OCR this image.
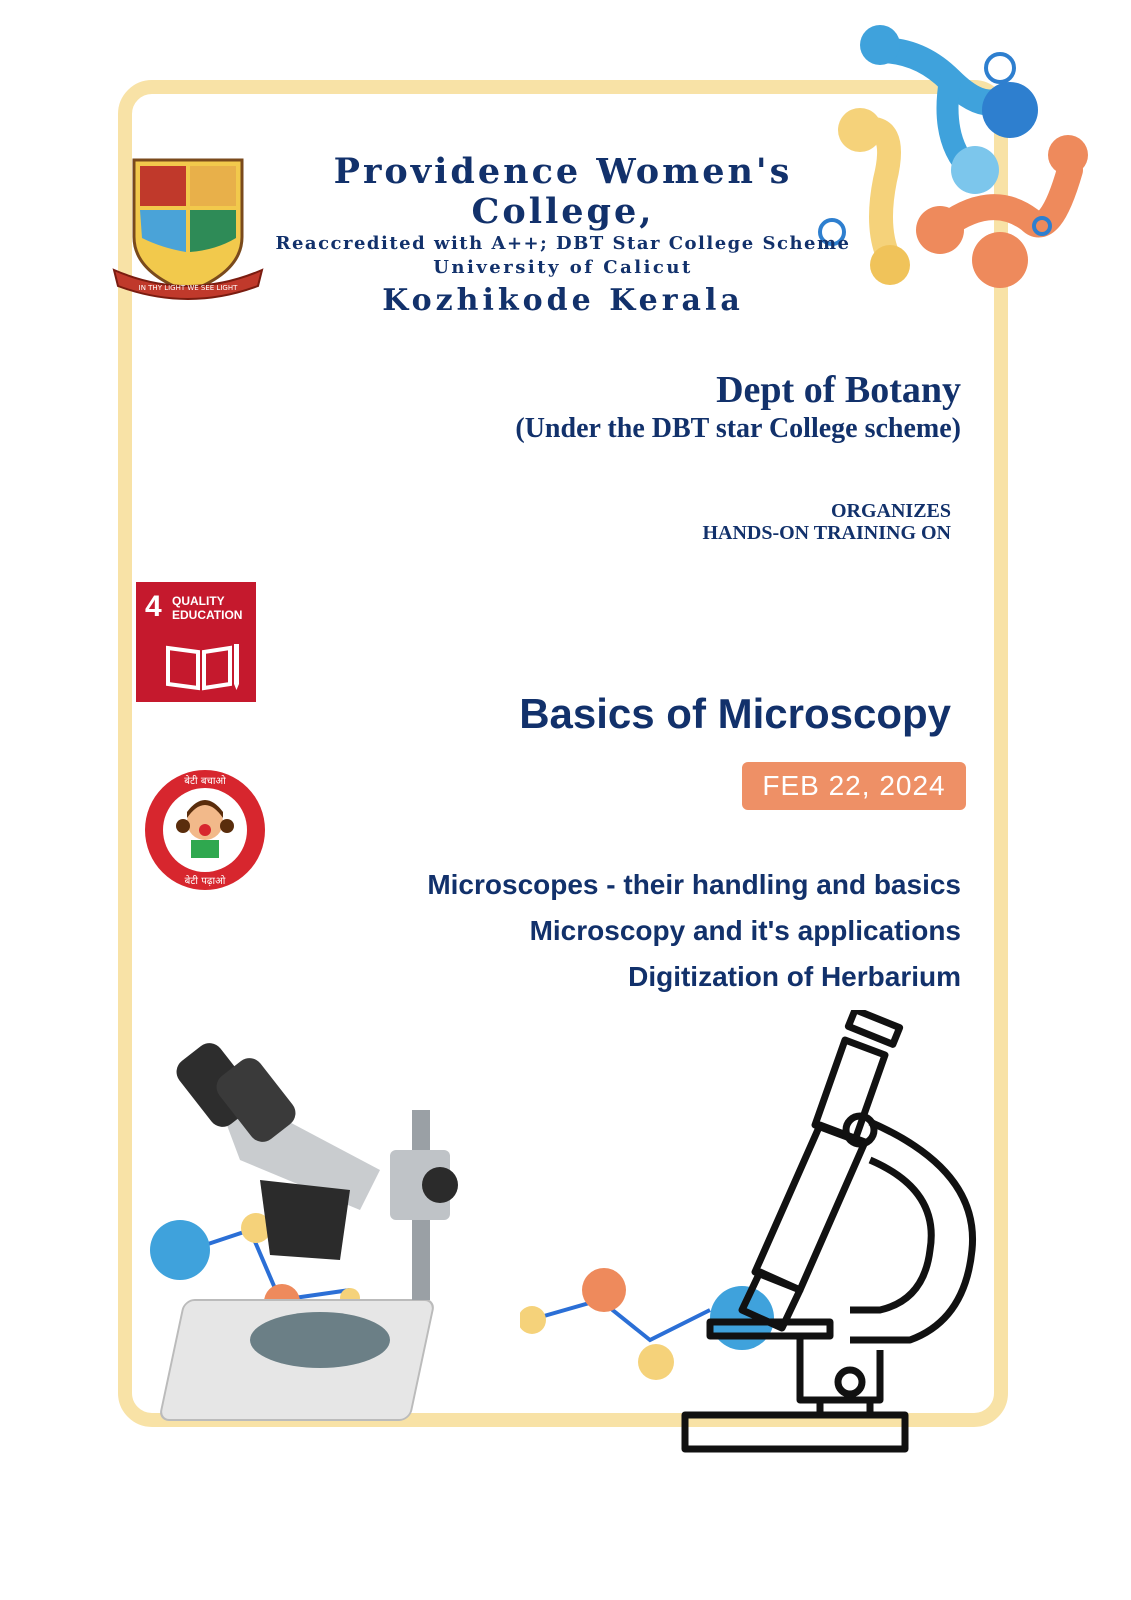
IN THY LIGHT WE SEE LIGHT
Providence Women's College,
Reaccredited with A++; DBT Star College Scheme
University of Calicut
Kozhikode Kerala
Dept of Botany
(Under the DBT star College scheme)
ORGANIZES
HANDS-ON TRAINING ON
4 QUALITY
EDUCATION
बेटी बचाओ
बेटी पढ़ाओ
Basics of Microscopy
FEB 22, 2024
Microscopes - their handling and basics
Microscopy and it's applications
Digitization of Herbarium
